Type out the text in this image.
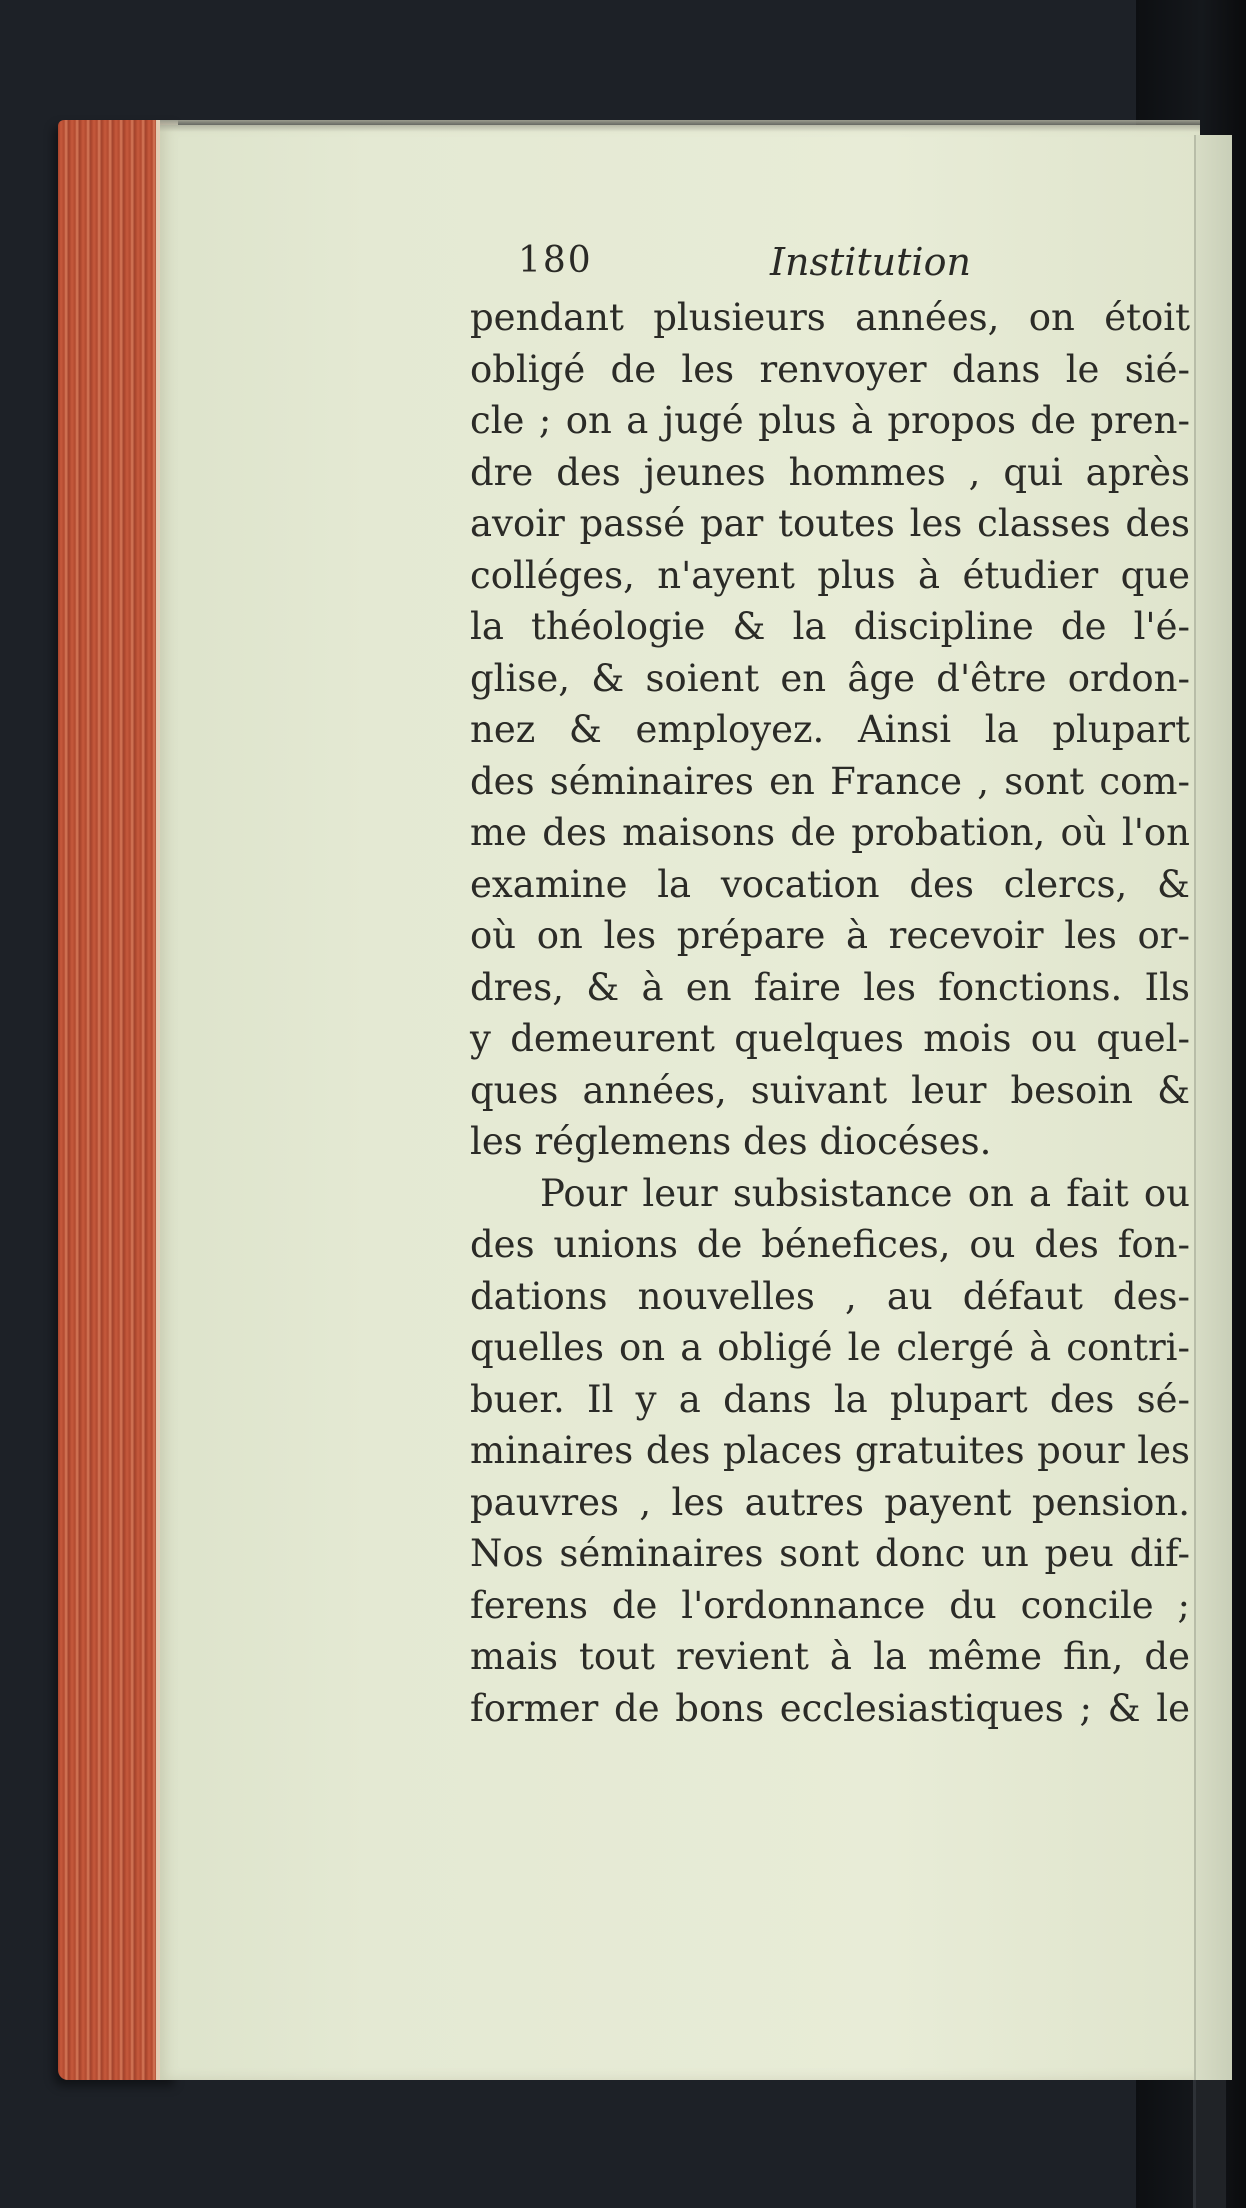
180	Institution
pendant plusieurs années, on étoit
obligé de les renvoyer dans le sié-
cle ; on a jugé plus à propos de pren-
dre des jeunes hommes , qui après
avoir passé par toutes les classes des
colléges, n'ayent plus à étudier que
la théologie & la discipline de l'é-
glise, & soient en âge d'être ordon-
nez & employez. Ainsi la plupart
des séminaires en France , sont com-
me des maisons de probation, où l'on
examine la vocation des clercs, &
où on les prépare à recevoir les or-
dres, & à en faire les fonctions. Ils
y demeurent quelques mois ou quel-
ques années, suivant leur besoin &
les réglemens des diocéses.
Pour leur subsistance on a fait ou
des unions de bénefices, ou des fon-
dations nouvelles , au défaut des-
quelles on a obligé le clergé à contri-
buer. Il y a dans la plupart des sé-
minaires des places gratuites pour les
pauvres , les autres payent pension.
Nos séminaires sont donc un peu dif-
ferens de l'ordonnance du concile ;
mais tout revient à la même fin, de
former de bons ecclesiastiques ; & le
